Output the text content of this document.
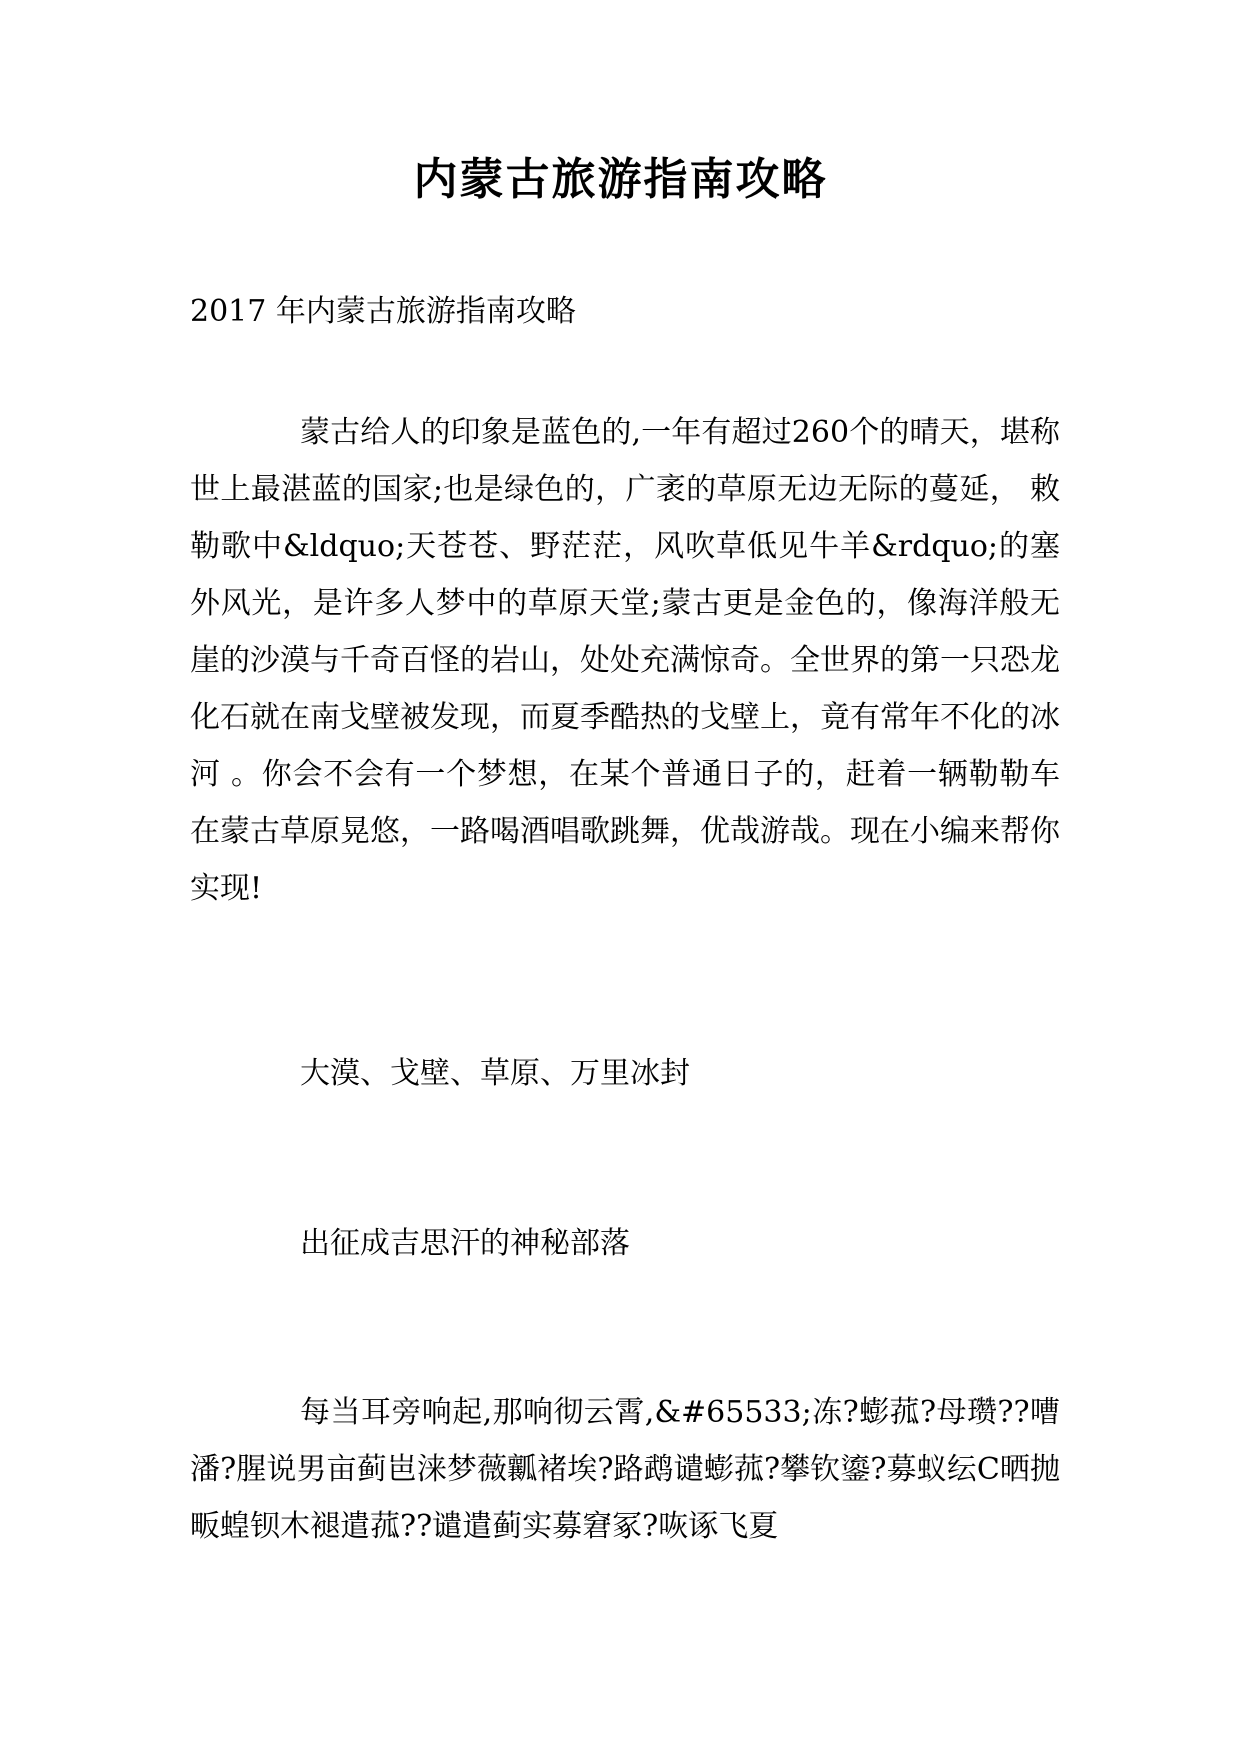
内蒙古旅游指南攻略
2017 年内蒙古旅游指南攻略
蒙古给人的印象是蓝色的,一年有超过260个的晴天，堪称世上最湛蓝的国家;也是绿色的，广袤的草原无边无际的蔓延， 敕勒歌中&ldquo;天苍苍、野茫茫，风吹草低见牛羊&rdquo;的塞外风光，是许多人梦中的草原天堂;蒙古更是金色的，像海洋般无崖的沙漠与千奇百怪的岩山，处处充满惊奇。全世界的第一只恐龙化石就在南戈壁被发现，而夏季酷热的戈壁上，竟有常年不化的冰河 。你会不会有一个梦想，在某个普通日子的，赶着一辆勒勒车在蒙古草原晃悠，一路喝酒唱歌跳舞，优哉游哉。现在小编来帮你实现!
大漠、戈壁、草原、万里冰封
出征成吉思汗的神秘部落
每当耳旁响起,那响彻云霄,&#65533;冻?蟛菰?母瓒??嘈潘?腥说男亩蓟岜涞梦薇瓤褚埃?路鹉谴蟛菰?攀钦鎏?募蚁纭C晒抛畈蝗钡木褪遣菰??谴遣蓟实募窘冢?咴诼飞夏
